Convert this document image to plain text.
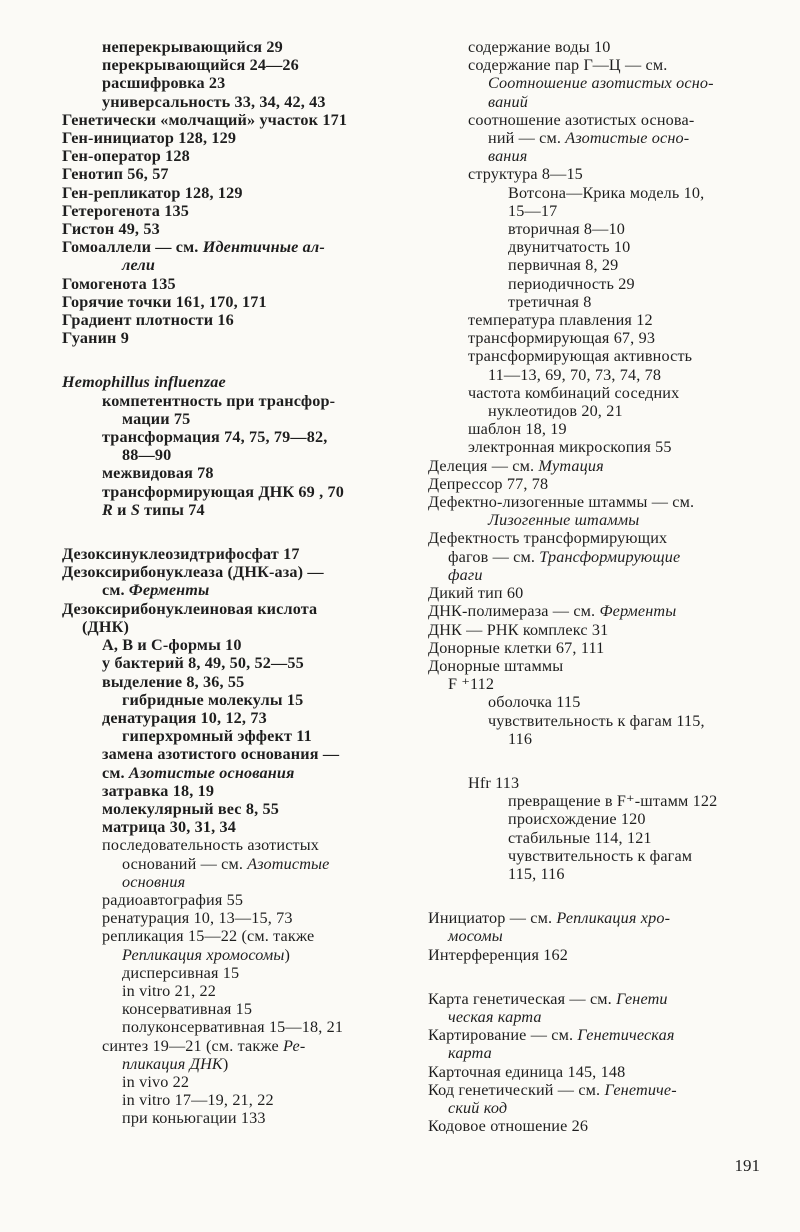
неперекрывающийся 29
перекрывающийся 24—26
расшифровка 23
универсальность 33, 34, 42, 43
Генетически «молчащий» участок 171
Ген-инициатор 128, 129
Ген-оператор 128
Генотип 56, 57
Ген-репликатор 128, 129
Гетерогенота 135
Гистон 49, 53
Гомоаллели — см. Идентичные ал-
лели
Гомогенота 135
Горячие точки 161, 170, 171
Градиент плотности 16
Гуанин 9
Hemophillus influenzae
компетентность при трансфор-
мации 75
трансформация 74, 75, 79—82,
88—90
межвидовая 78
трансформирующая ДНК 69 , 70
R и S типы 74
Дезоксинуклеозидтрифосфат 17
Дезоксирибонуклеаза (ДНК-аза) —
см. Ферменты
Дезоксирибонуклеиновая кислота
(ДНК)
А, В и С-формы 10
у бактерий 8, 49, 50, 52—55
выделение 8, 36, 55
гибридные молекулы 15
денатурация 10, 12, 73
гиперхромный эффект 11
замена азотистого основания —
см. Азотистые основания
затравка 18, 19
молекулярный вес 8, 55
матрица 30, 31, 34
последовательность азотистых
оснований — см. Азотистые
основния
радиоавтография 55
ренатурация 10, 13—15, 73
репликация 15—22 (см. также
Репликация хромосомы)
дисперсивная 15
in vitro 21, 22
консервативная 15
полуконсервативная 15—18, 21
синтез 19—21 (см. также Ре-
пликация ДНК)
in vivo 22
in vitro 17—19, 21, 22
при коньюгации 133
содержание воды 10
содержание пар Г—Ц — см.
Соотношение азотистых осно-
ваний
соотношение азотистых основа-
ний — см. Азотистые осно-
вания
структура 8—15
Вотсона—Крика модель 10,
15—17
вторичная 8—10
двунитчатость 10
первичная 8, 29
периодичность 29
третичная 8
температура плавления 12
трансформирующая 67, 93
трансформирующая активность
11—13, 69, 70, 73, 74, 78
частота комбинаций соседних
нуклеотидов 20, 21
шаблон 18, 19
электронная микроскопия 55
Делеция — см. Мутация
Депрессор 77, 78
Дефектно-лизогенные штаммы — см.
Лизогенные штаммы
Дефектность трансформирующих
фагов — см. Трансформирующие
фаги
Дикий тип 60
ДНК-полимераза — см. Ферменты
ДНК — РНК комплекс 31
Донорные клетки 67, 111
Донорные штаммы
F ⁺112
оболочка 115
чувствительность к фагам 115,
116
Hfr 113
превращение в F⁺-штамм 122
происхождение 120
стабильные 114, 121
чувствительность к фагам
115, 116
Инициатор — см. Репликация хро-
мосомы
Интерференция 162
Карта генетическая — см. Генети
ческая карта
Картирование — см. Генетическая
карта
Карточная единица 145, 148
Код генетический — см. Генетиче-
ский код
Кодовое отношение 26
191
